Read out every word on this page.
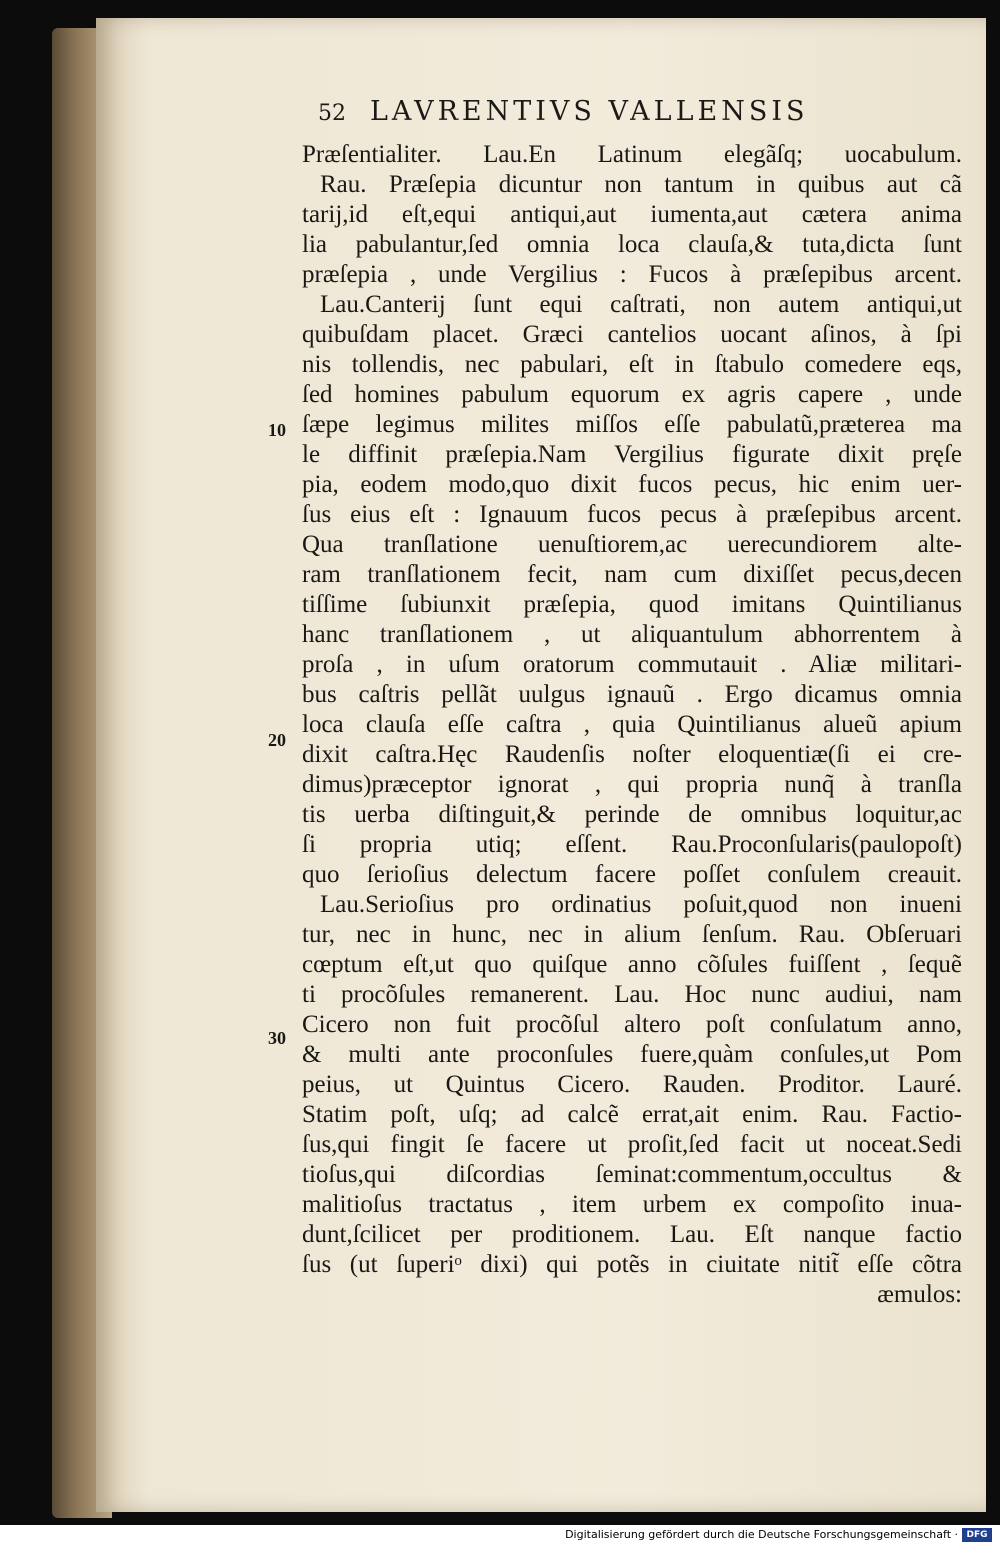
52 LAVRENTIVS VALLENSIS
10
20
30
Præſentialiter. Lau.En Latinum elegãſq; uocabulum.
Rau. Præſepia dicuntur non tantum in quibus aut cã
tarij,id eſt,equi antiqui,aut iumenta,aut cætera anima
lia pabulantur,ſed omnia loca clauſa,& tuta,dicta ſunt
præſepia , unde Vergilius : Fucos à præſepibus arcent.
Lau.Canterij ſunt equi caſtrati, non autem antiqui,ut
quibuſdam placet. Græci cantelios uocant aſinos, à ſpi
nis tollendis, nec pabulari, eſt in ſtabulo comedere eqs,
ſed homines pabulum equorum ex agris capere , unde
ſæpe legimus milites miſſos eſſe pabulatũ,præterea ma
le diffinit præſepia.Nam Vergilius figurate dixit pręſe
pia, eodem modo,quo dixit fucos pecus, hic enim uer-
ſus eius eſt : Ignauum fucos pecus à præſepibus arcent.
Qua tranſlatione uenuſtiorem,ac uerecundiorem alte-
ram tranſlationem fecit, nam cum dixiſſet pecus,decen
tiſſime ſubiunxit præſepia, quod imitans Quintilianus
hanc tranſlationem , ut aliquantulum abhorrentem à
proſa , in uſum oratorum commutauit . Aliæ militari-
bus caſtris pellãt uulgus ignauũ . Ergo dicamus omnia
loca clauſa eſſe caſtra , quia Quintilianus alueũ apium
dixit caſtra.Hęc Raudenſis noſter eloquentiæ(ſi ei cre-
dimus)præceptor ignorat , qui propria nunq̃ à tranſla
tis uerba diſtinguit,& perinde de omnibus loquitur,ac
ſi propria utiq; eſſent. Rau.Proconſularis(paulopoſt)
quo ſerioſius delectum facere poſſet conſulem creauit.
Lau.Serioſius pro ordinatius poſuit,quod non inueni
tur, nec in hunc, nec in alium ſenſum. Rau. Obſeruari
cœptum eſt,ut quo quiſque anno cõſules fuiſſent , ſequẽ
ti procõſules remanerent. Lau. Hoc nunc audiui, nam
Cicero non fuit procõſul altero poſt conſulatum anno,
& multi ante proconſules fuere,quàm conſules,ut Pom
peius, ut Quintus Cicero. Rauden. Proditor. Lauré.
Statim poſt, uſq; ad calcẽ errat,ait enim. Rau. Factio-
ſus,qui fingit ſe facere ut proſit,ſed facit ut noceat.Sedi
tioſus,qui diſcordias ſeminat:commentum,occultus &
malitioſus tractatus , item urbem ex compoſito inua-
dunt,ſcilicet per proditionem. Lau. Eſt nanque factio
ſus (ut ſuperiᵒ dixi) qui potẽs in ciuitate nitit̃ eſſe cõtra
æmulos:
Digitalisierung gefördert durch die Deutsche Forschungsgemeinschaft · DFG
